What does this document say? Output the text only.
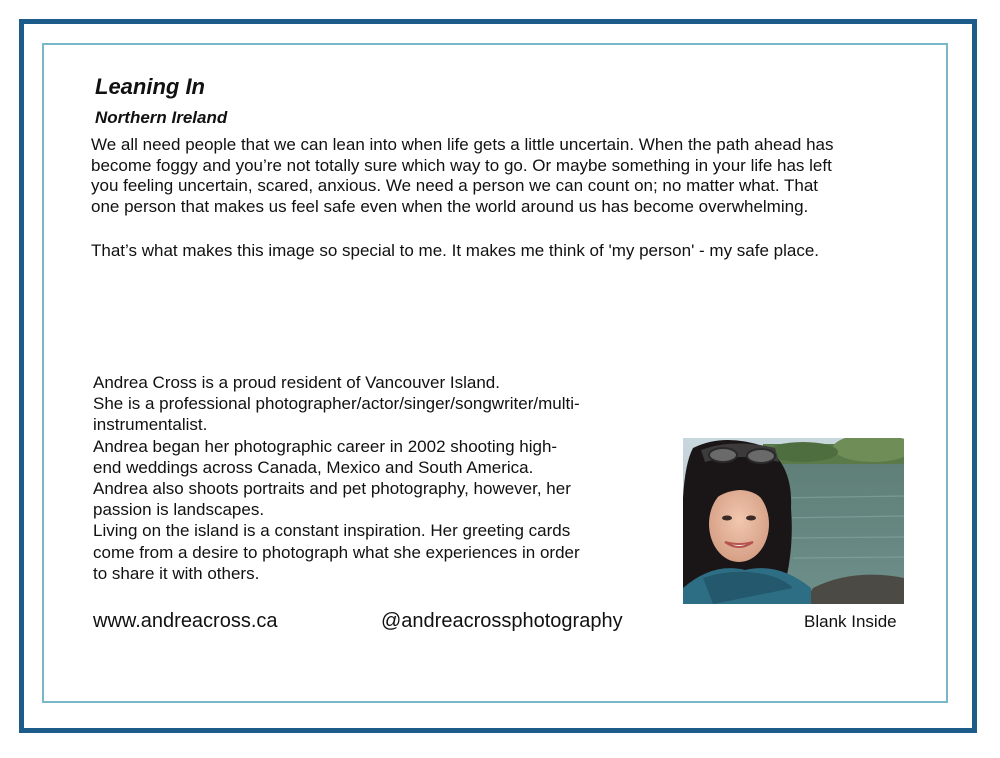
Leaning In
Northern Ireland

We all need people that we can lean into when life gets a little uncertain. When the path ahead has
become foggy and you’re not totally sure which way to go. Or maybe something in your life has left
you feeling uncertain, scared, anxious. We need a person we can count on; no matter what. That
one person that makes us feel safe even when the world around us has become overwhelming.

That’s what makes this image so special to me. It makes me think of 'my person' - my safe place.

Andrea Cross is a proud resident of Vancouver Island.
She is a professional photographer/actor/singer/songwriter/multi-
instrumentalist.
Andrea began her photographic career in 2002 shooting high-
end weddings across Canada, Mexico and South America.
Andrea also shoots portraits and pet photography, however, her
passion is landscapes.
Living on the island is a constant inspiration. Her greeting cards
come from a desire to photograph what she experiences in order
to share it with others.

www.andreacross.ca	@andreacrossphotography	Blank Inside
